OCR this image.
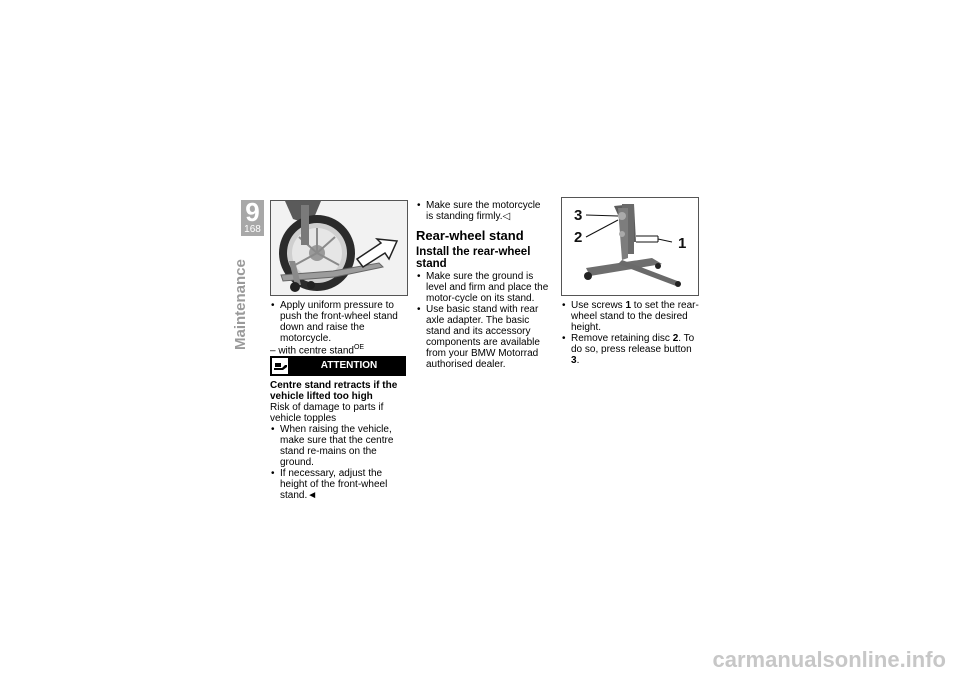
9
168
Maintenance
•	Apply uniform pressure to push the front-wheel stand down and raise the motorcycle.
– with centre stand$^{OE}$
ATTENTION
Centre stand retracts if the vehicle lifted too high
Risk of damage to parts if vehicle topples
• When raising the vehicle, make sure that the centre stand re-mains on the ground.
• If necessary, adjust the height of the front-wheel stand.◄
• Make sure the motorcycle is standing firmly.◁
Rear-wheel stand
Install the rear-wheel stand
• Make sure the ground is level and firm and place the motor-cycle on its stand.
• Use basic stand with rear axle adapter. The basic stand and its accessory components are available from your BMW Motorrad authorised dealer.
3
2	1
• Use screws 1 to set the rear-wheel stand to the desired height.
• Remove retaining disc 2. To do so, press release button 3.
carmanualsonline.info
